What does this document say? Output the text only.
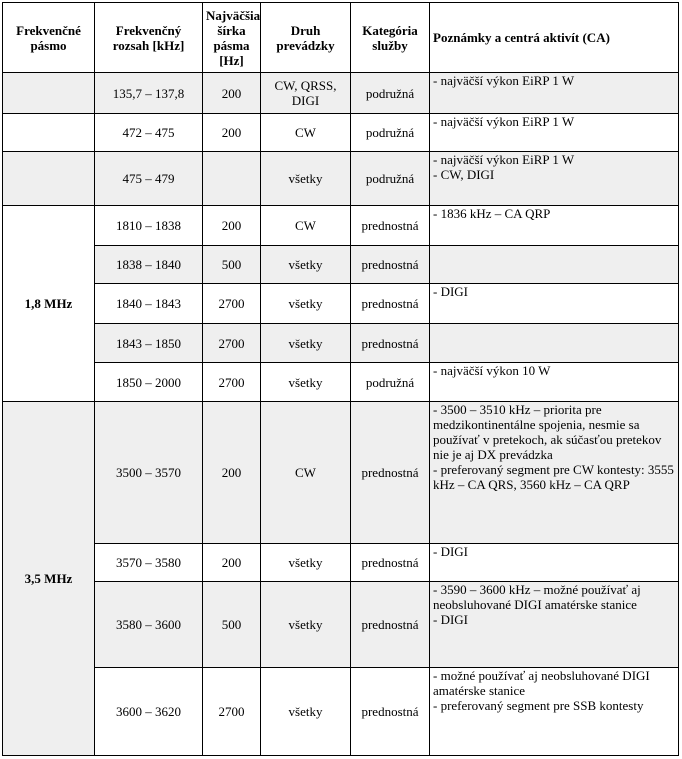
Frekvenčné pásmo	Frekvenčný rozsah [kHz]	Najväčšia šírka pásma [Hz]	Druh prevádzky	Kategória služby	Poznámky a centrá aktivít (CA)
	135,7 – 137,8	200	CW, QRSS, DIGI	podružná	- najväčší výkon EiRP 1 W

	472 – 475	200	CW	podružná	- najväčší výkon EiRP 1 W

	475 – 479		všetky	podružná	- najväčší výkon EiRP 1 W
- CW, DIGI

1,8 MHz	1810 – 1838	200	CW	prednostná	- 1836 kHz – CA QRP

	1838 – 1840	500	všetky	prednostná	
	1840 – 1843	2700	všetky	prednostná	- DIGI

	1843 – 1850	2700	všetky	prednostná	
	1850 – 2000	2700	všetky	podružná	- najväčší výkon 10 W

3,5 MHz	3500 – 3570	200	CW	prednostná	- 3500 – 3510 kHz – priorita pre medzikontinentálne spojenia, nesmie sa používať v pretekoch, ak súčasťou pretekov nie je aj DX prevádzka
- preferovaný segment pre CW kontesty: 3555 kHz – CA QRS, 3560 kHz – CA QRP

	3570 – 3580	200	všetky	prednostná	- DIGI

	3580 – 3600	500	všetky	prednostná	- 3590 – 3600 kHz – možné používať aj neobsluhované DIGI amatérske stanice
- DIGI

	3600 – 3620	2700	všetky	prednostná	- možné používať aj neobsluhované DIGI amatérske stanice
- preferovaný segment pre SSB kontesty
